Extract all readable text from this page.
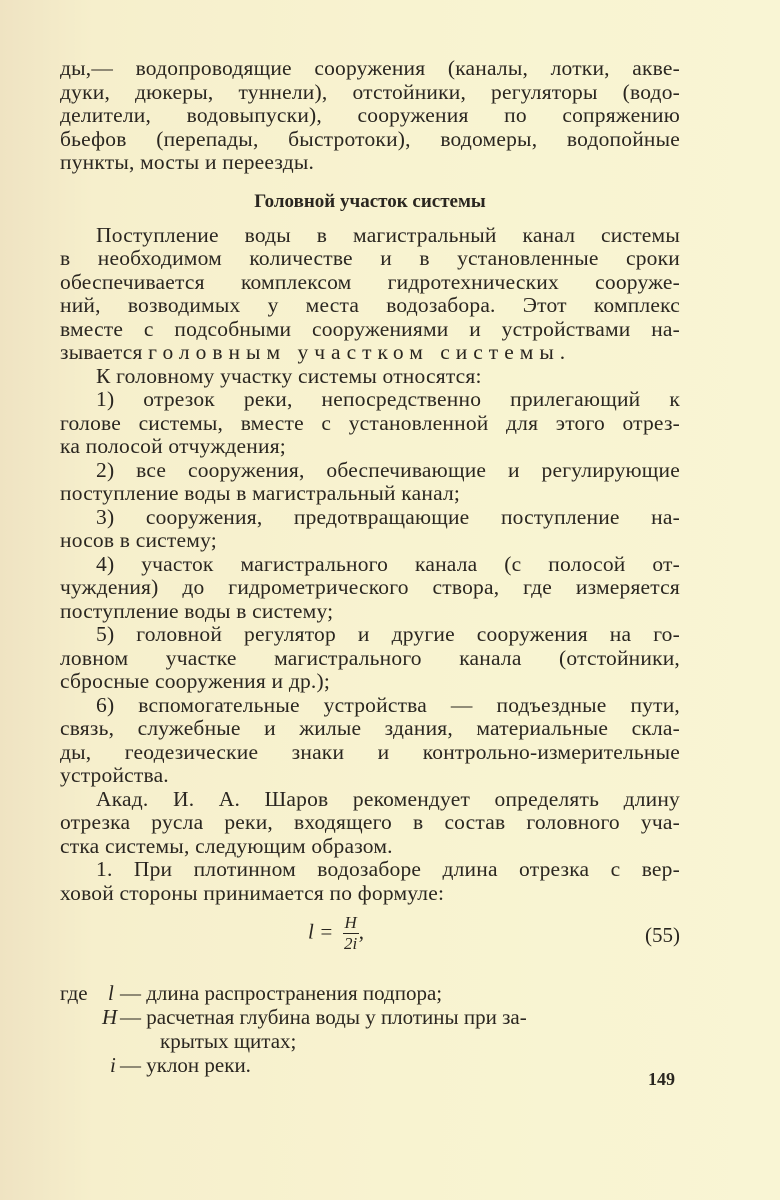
ды,— водопроводящие сооружения (каналы, лотки, акве-
дуки, дюкеры, туннели), отстойники, регуляторы (водо-
делители, водовыпуски), сооружения по сопряжению
бьефов (перепады, быстротоки), водомеры, водопойные
пункты, мосты и переезды.
Головной участок системы
Поступление воды в магистральный канал системы
в необходимом количестве и в установленные сроки
обеспечивается комплексом гидротехнических сооруже-
ний, возводимых у места водозабора. Этот комплекс
вместе с подсобными сооружениями и устройствами на-
зывается головным участком системы.
К головному участку системы относятся:
1) отрезок реки, непосредственно прилегающий к
голове системы, вместе с установленной для этого отрез-
ка полосой отчуждения;
2) все сооружения, обеспечивающие и регулирующие
поступление воды в магистральный канал;
3) сооружения, предотвращающие поступление на-
носов в систему;
4) участок магистрального канала (с полосой от-
чуждения) до гидрометрического створа, где измеряется
поступление воды в систему;
5) головной регулятор и другие сооружения на го-
ловном участке магистрального канала (отстойники,
сбросные сооружения и др.);
6) вспомогательные устройства — подъездные пути,
связь, служебные и жилые здания, материальные скла-
ды, геодезические знаки и контрольно-измерительные
устройства.
Акад. И. А. Шаров рекомендует определять длину
отрезка русла реки, входящего в состав головного уча-
стка системы, следующим образом.
1. При плотинном водозаборе длина отрезка с вер-
ховой стороны принимается по формуле:
$l = \frac{H}{2i}$ ,	(55)
где l — длина распространения подпора;
H — расчетная глубина воды у плотины при за-
крытых щитах;
i — уклон реки.
149
